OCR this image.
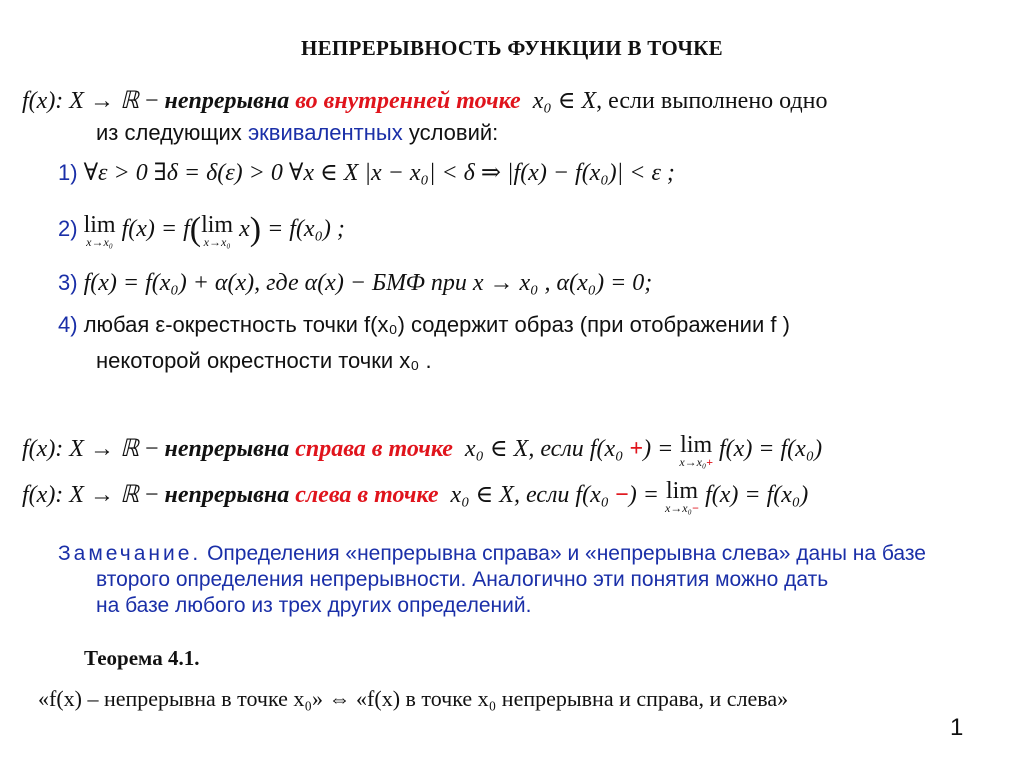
НЕПРЕРЫВНОСТЬ ФУНКЦИИ В ТОЧКЕ
f(x): X → ℝ − непрерывна во внутренней точке x₀ ∈ X, если выполнено одно
из следующих эквивалентных условий:
1) ∀ε > 0 ∃δ = δ(ε) > 0 ∀x ∈ X |x − x₀| < δ ⇒ |f(x) − f(x₀)| < ε ;
2) lim
x→x₀ f(x) = f( lim
x→x₀ x) = f(x₀) ;
3) f(x) = f(x₀) + α(x), где α(x) − БМФ при x → x₀ , α(x₀) = 0;
4) любая ε-окрестность точки f(x₀) содержит образ (при отображении f )
некоторой окрестности точки x₀ .
f(x): X → ℝ − непрерывна справа в точке x₀ ∈ X, если f(x₀ +) = lim
x→x₀+ f(x) = f(x₀)
f(x): X → ℝ − непрерывна слева в точке x₀ ∈ X, если f(x₀ −) = lim
x→x₀− f(x) = f(x₀)
Замечание. Определения «непрерывна справа» и «непрерывна слева» даны на базе
второго определения непрерывности. Аналогично эти понятия можно дать
на базе любого из трех других определений.
Теорема 4.1.
«f(x) – непрерывна в точке x₀» ⇔ «f(x) в точке x₀ непрерывна и справа, и слева»
1
